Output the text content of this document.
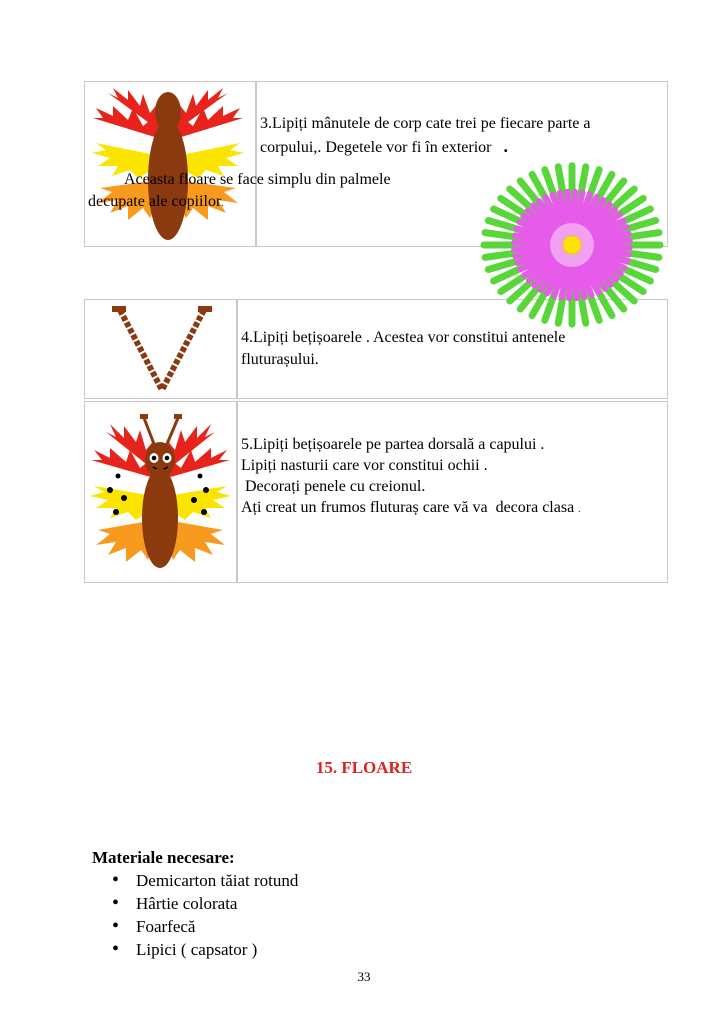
3.Lipiți mânutele de corp cate trei pe fiecare parte a
corpului,. Degetele vor fi în exterior .
Aceasta floare se face simplu din palmele
decupate ale copiilor.
4.Lipiți bețișoarele . Acestea vor constitui antenele
fluturașului.
5.Lipiți bețișoarele pe partea dorsală a capului .
Lipiți nasturii care vor constitui ochii .
Decorați penele cu creionul.
Ați creat un frumos fluturaș care vă va  decora clasa .
15. FLOARE
Materiale necesare:
• Demicarton tăiat rotund
• Hârtie colorata
• Foarfecă
• Lipici ( capsator )
33
